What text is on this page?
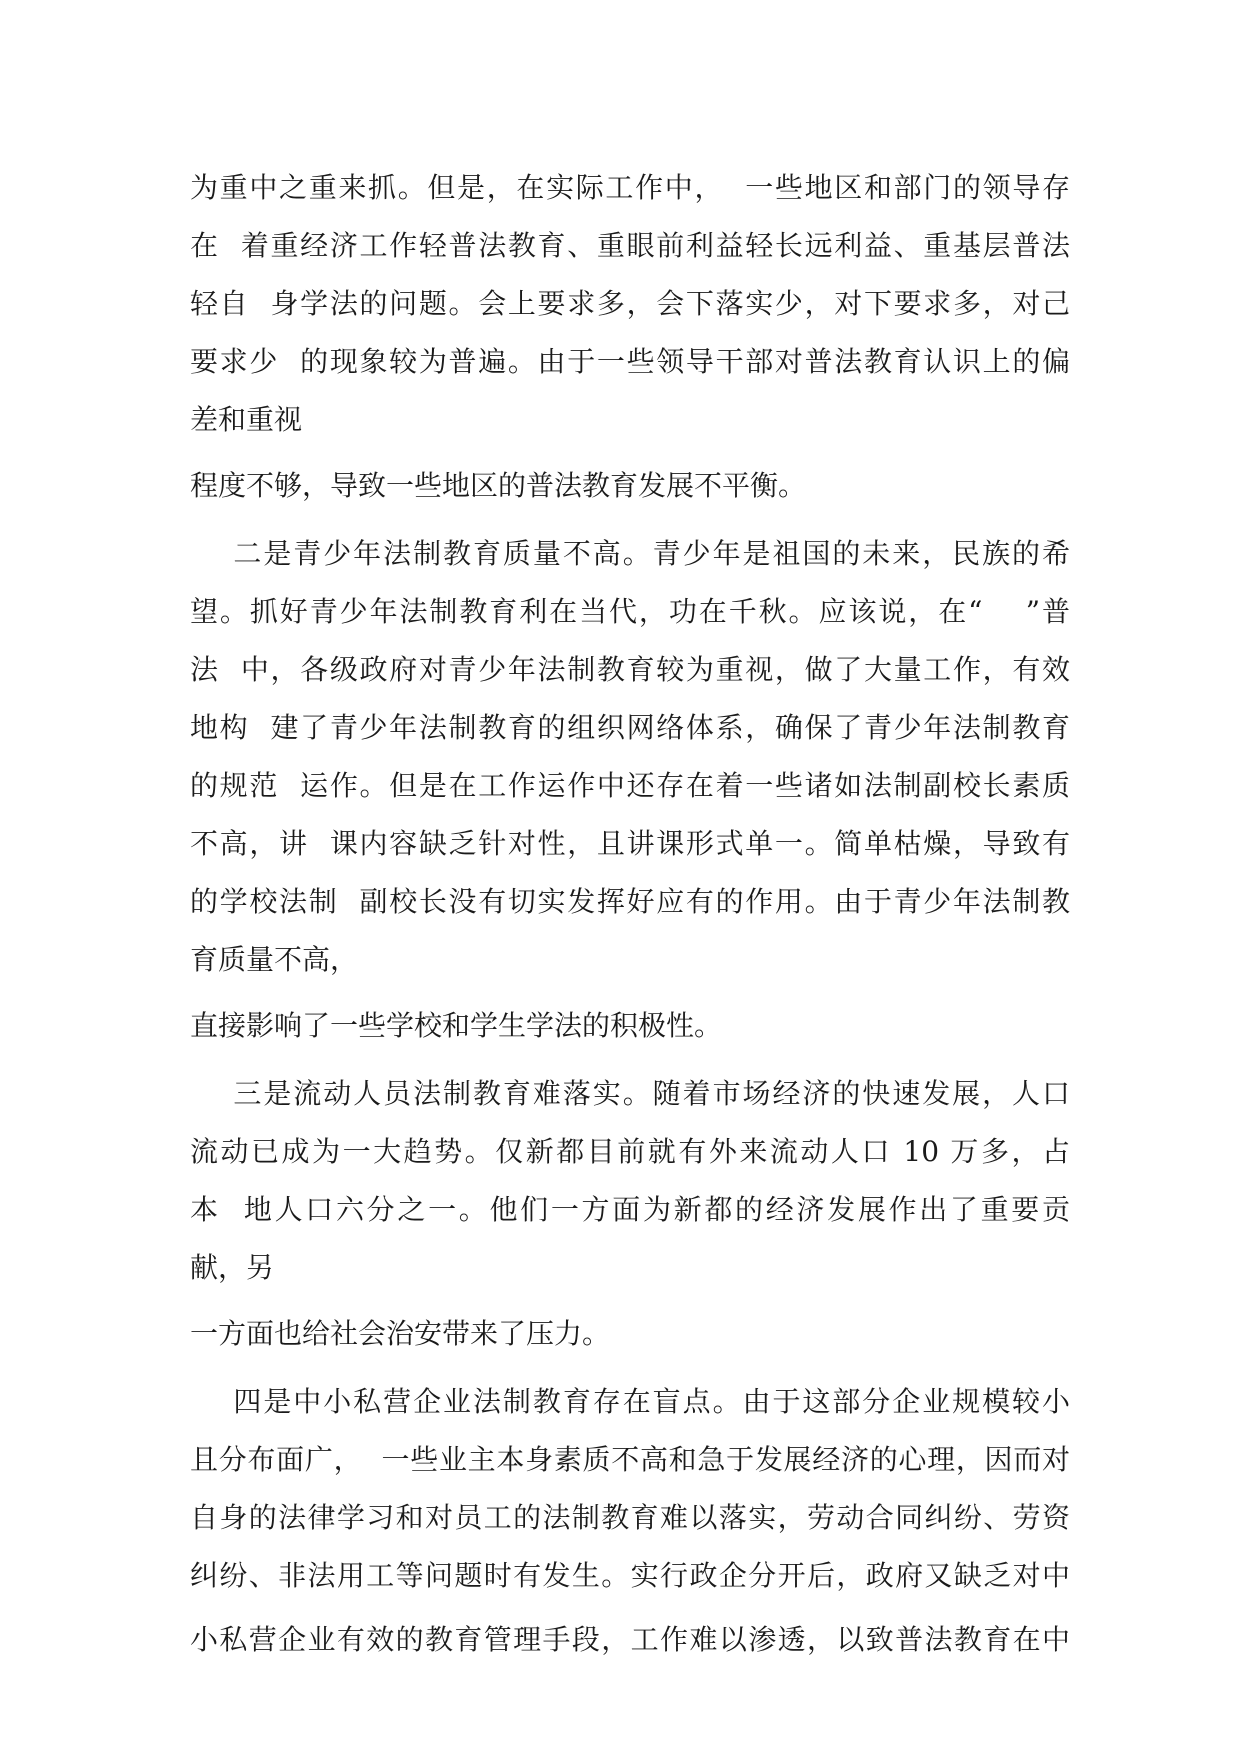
为重中之重来抓。但是，在实际工作中，  一些地区和部门的领导存
在  着重经济工作轻普法教育、重眼前利益轻长远利益、重基层普法
轻自  身学法的问题。会上要求多，会下落实少，对下要求多，对己
要求少  的现象较为普遍。由于一些领导干部对普法教育认识上的偏
差和重视
程度不够，导致一些地区的普法教育发展不平衡。
二是青少年法制教育质量不高。青少年是祖国的未来，民族的希
望。抓好青少年法制教育利在当代，功在千秋。应该说，在“    ”普
法  中，各级政府对青少年法制教育较为重视，做了大量工作，有效
地构  建了青少年法制教育的组织网络体系，确保了青少年法制教育
的规范  运作。但是在工作运作中还存在着一些诸如法制副校长素质
不高，讲  课内容缺乏针对性，且讲课形式单一。简单枯燥，导致有
的学校法制  副校长没有切实发挥好应有的作用。由于青少年法制教
育质量不高，
直接影响了一些学校和学生学法的积极性。
三是流动人员法制教育难落实。随着市场经济的快速发展，人口
流动已成为一大趋势。仅新都目前就有外来流动人口 10 万多，占
本  地人口六分之一。他们一方面为新都的经济发展作出了重要贡
献，另
一方面也给社会治安带来了压力。
四是中小私营企业法制教育存在盲点。由于这部分企业规模较小
且分布面广，  一些业主本身素质不高和急于发展经济的心理，因而对
自身的法律学习和对员工的法制教育难以落实，劳动合同纠纷、劳资
纠纷、非法用工等问题时有发生。实行政企分开后，政府又缺乏对中
小私营企业有效的教育管理手段，工作难以渗透，以致普法教育在中
